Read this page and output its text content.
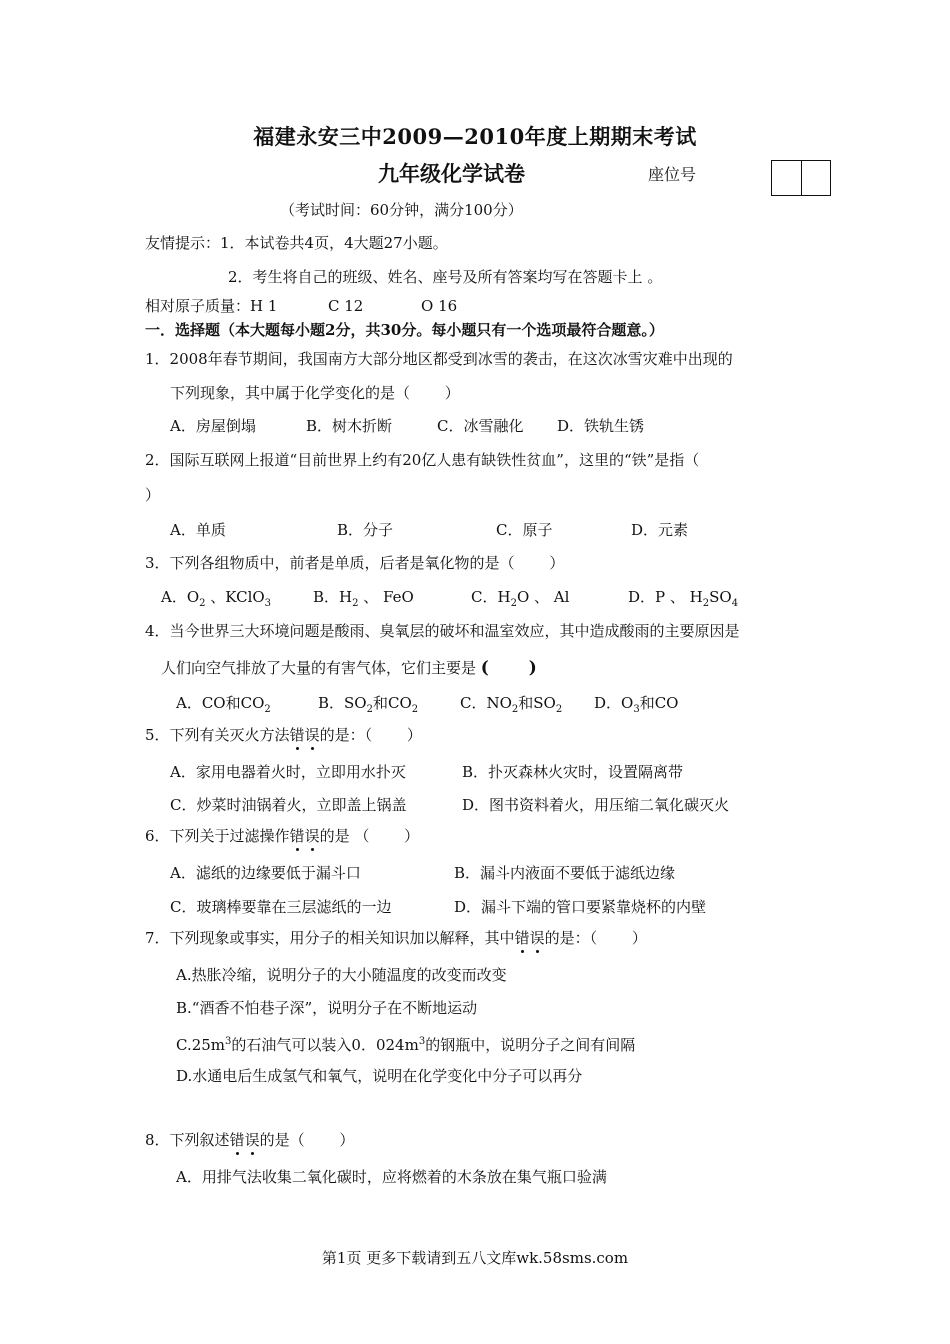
福建永安三中2009—2010年度上期期末考试
九年级化学试卷	座位号
（考试时间：60分钟，满分100分）
友情提示：1．本试卷共4页，4大题27小题。
2．考生将自己的班级、姓名、座号及所有答案均写在答题卡上 。
相对原子质量：H 1	C 12	O 16
一．选择题（本大题每小题2分，共30分。每小题只有一个选项最符合题意。）
1．2008年春节期间，我国南方大部分地区都受到冰雪的袭击，在这次冰雪灾难中出现的
下列现象，其中属于化学变化的是（　　 ）
A．房屋倒塌	B．树木折断	C．冰雪融化 D．铁轨生锈
2．国际互联网上报道“目前世界上约有20亿人患有缺铁性贫血”，这里的“铁”是指（
）
A．单质	B．分子	C．原子	D．元素
3．下列各组物质中，前者是单质，后者是氧化物的是（　　 ）
A．$O_2$ 、KClO$_3$	B．$H_2$ 、 FeO	C．$H_2O$ 、 Al	D．P 、 $H_2SO_4$
4．当今世界三大环境问题是酸雨、臭氧层的破坏和温室效应，其中造成酸雨的主要原因是
人们向空气排放了大量的有害气体，它们主要是 (　　 )
A．CO和$CO_2$	B．$SO_2$和$CO_2$	C．$NO_2$和$SO_2$ D．$O_3$和CO
5．下列有关灭火方法错误的是：（　　 ）
A．家用电器着火时，立即用水扑灭	B．扑灭森林火灾时，设置隔离带
C．炒菜时油锅着火，立即盖上锅盖	D．图书资料着火，用压缩二氧化碳灭火
6．下列关于过滤操作错误的是 （　　 ）
A．滤纸的边缘要低于漏斗口	B．漏斗内液面不要低于滤纸边缘
C．玻璃棒要靠在三层滤纸的一边	D．漏斗下端的管口要紧靠烧杯的内壁
7．下列现象或事实，用分子的相关知识加以解释，其中错误的是：（　　 ）
A.热胀冷缩，说明分子的大小随温度的改变而改变
B.“酒香不怕巷子深”，说明分子在不断地运动
$C.25m^3$的石油气可以装入0．$024m^3$的钢瓶中，说明分子之间有间隔
D.水通电后生成氢气和氧气，说明在化学变化中分子可以再分
8．下列叙述错误的是（　　 ）
A．用排气法收集二氧化碳时，应将燃着的木条放在集气瓶口验满
第1页 更多下载请到五八文库wk.58sms.com
